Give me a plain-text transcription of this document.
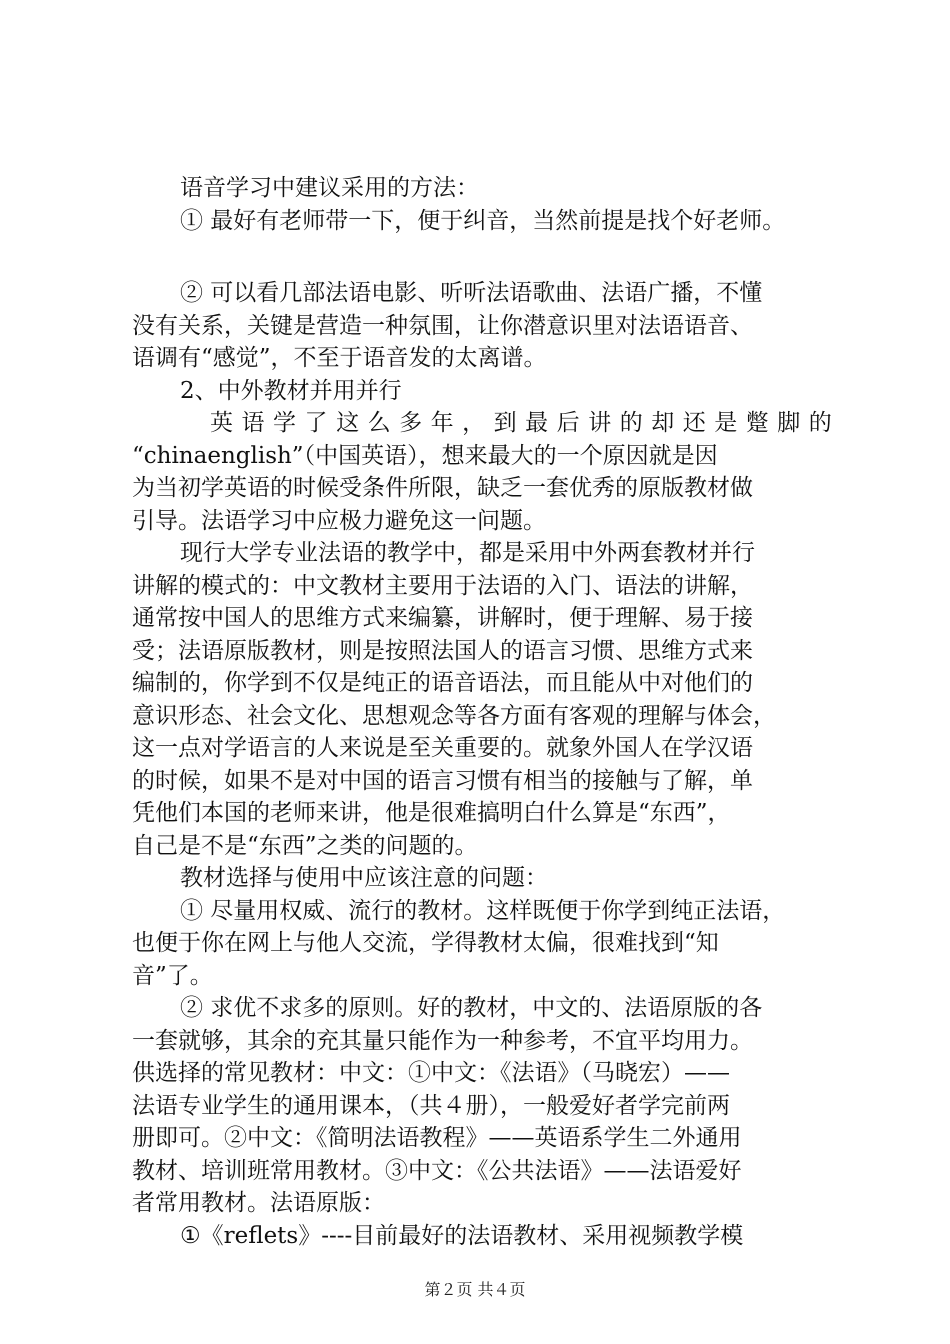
语音学习中建议采用的方法：
① 最好有老师带一下，便于纠音，当然前提是找个好老师。
② 可以看几部法语电影、听听法语歌曲、法语广播，不懂
没有关系，关键是营造一种氛围，让你潜意识里对法语语音、
语调有“感觉”，不至于语音发的太离谱。
2、中外教材并用并行
英 语 学 了 这 么 多 年 ， 到 最 后 讲 的 却 还 是 蹩 脚 的
“chinaenglish”（中国英语），想来最大的一个原因就是因
为当初学英语的时候受条件所限，缺乏一套优秀的原版教材做
引导。法语学习中应极力避免这一问题。
现行大学专业法语的教学中，都是采用中外两套教材并行
讲解的模式的：中文教材主要用于法语的入门、语法的讲解，
通常按中国人的思维方式来编纂，讲解时，便于理解、易于接
受；法语原版教材，则是按照法国人的语言习惯、思维方式来
编制的，你学到不仅是纯正的语音语法，而且能从中对他们的
意识形态、社会文化、思想观念等各方面有客观的理解与体会，
这一点对学语言的人来说是至关重要的。就象外国人在学汉语
的时候，如果不是对中国的语言习惯有相当的接触与了解，单
凭他们本国的老师来讲，他是很难搞明白什么算是“东西”，
自己是不是“东西”之类的问题的。
教材选择与使用中应该注意的问题：
① 尽量用权威、流行的教材。这样既便于你学到纯正法语，
也便于你在网上与他人交流，学得教材太偏，很难找到“知
音”了。
② 求优不求多的原则。好的教材，中文的、法语原版的各
一套就够，其余的充其量只能作为一种参考，不宜平均用力。
供选择的常见教材：中文：①中文：《法语》（马晓宏）——
法语专业学生的通用课本，（共４册），一般爱好者学完前两
册即可。②中文：《简明法语教程》——英语系学生二外通用
教材、培训班常用教材。③中文：《公共法语》——法语爱好
者常用教材。法语原版：
①《reflets》----目前最好的法语教材、采用视频教学模
第２页 共４页
